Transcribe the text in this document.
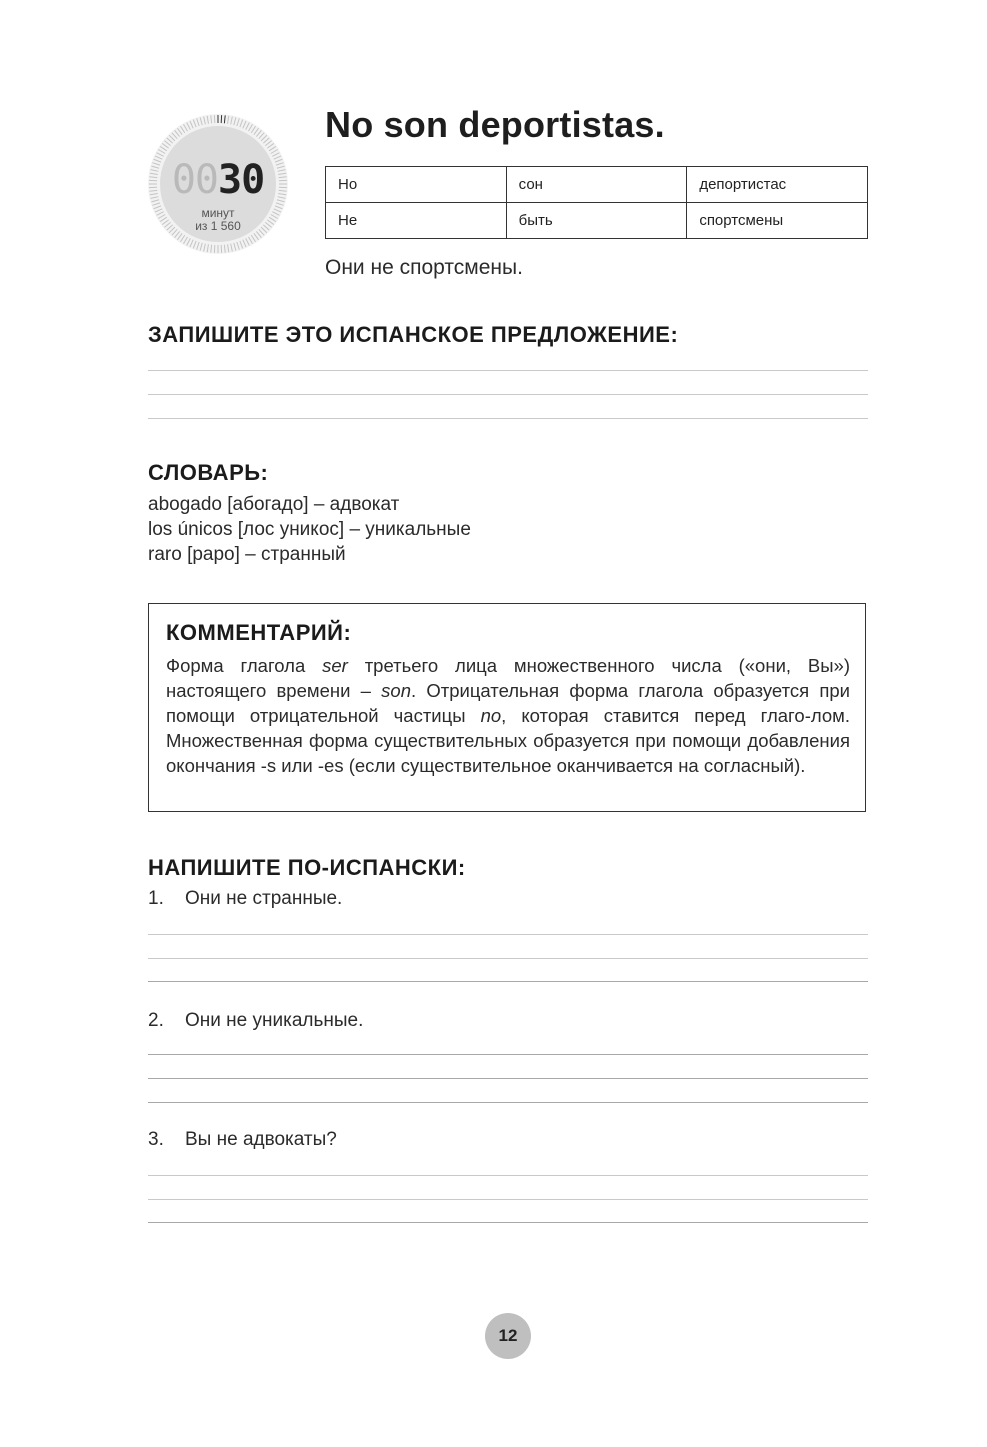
0030
минут
из 1 560
No son deportistas.
Но	сон	депортистас
Не	быть	спортсмены
Они не спортсмены.
ЗАПИШИТЕ ЭТО ИСПАНСКОЕ ПРЕДЛОЖЕНИЕ:
СЛОВАРЬ:
abogado [абогадо] – адвокат
los únicos [лос уникос] – уникальные
raro [рapo] – странный
КОММЕНТАРИЙ:
Форма глагола ser третьего лица множественного числа («они, Вы») настоящего времени – son. Отрицательная форма глагола образуется при помощи отрицательной частицы no, которая ставится перед глаго-лом. Множественная форма существительных образуется при помощи добавления окончания -s или -es (если существительное оканчивается на согласный).
НАПИШИТЕ ПО-ИСПАНСКИ:
1. Они не странные.
2. Они не уникальные.
3. Вы не адвокаты?
12
